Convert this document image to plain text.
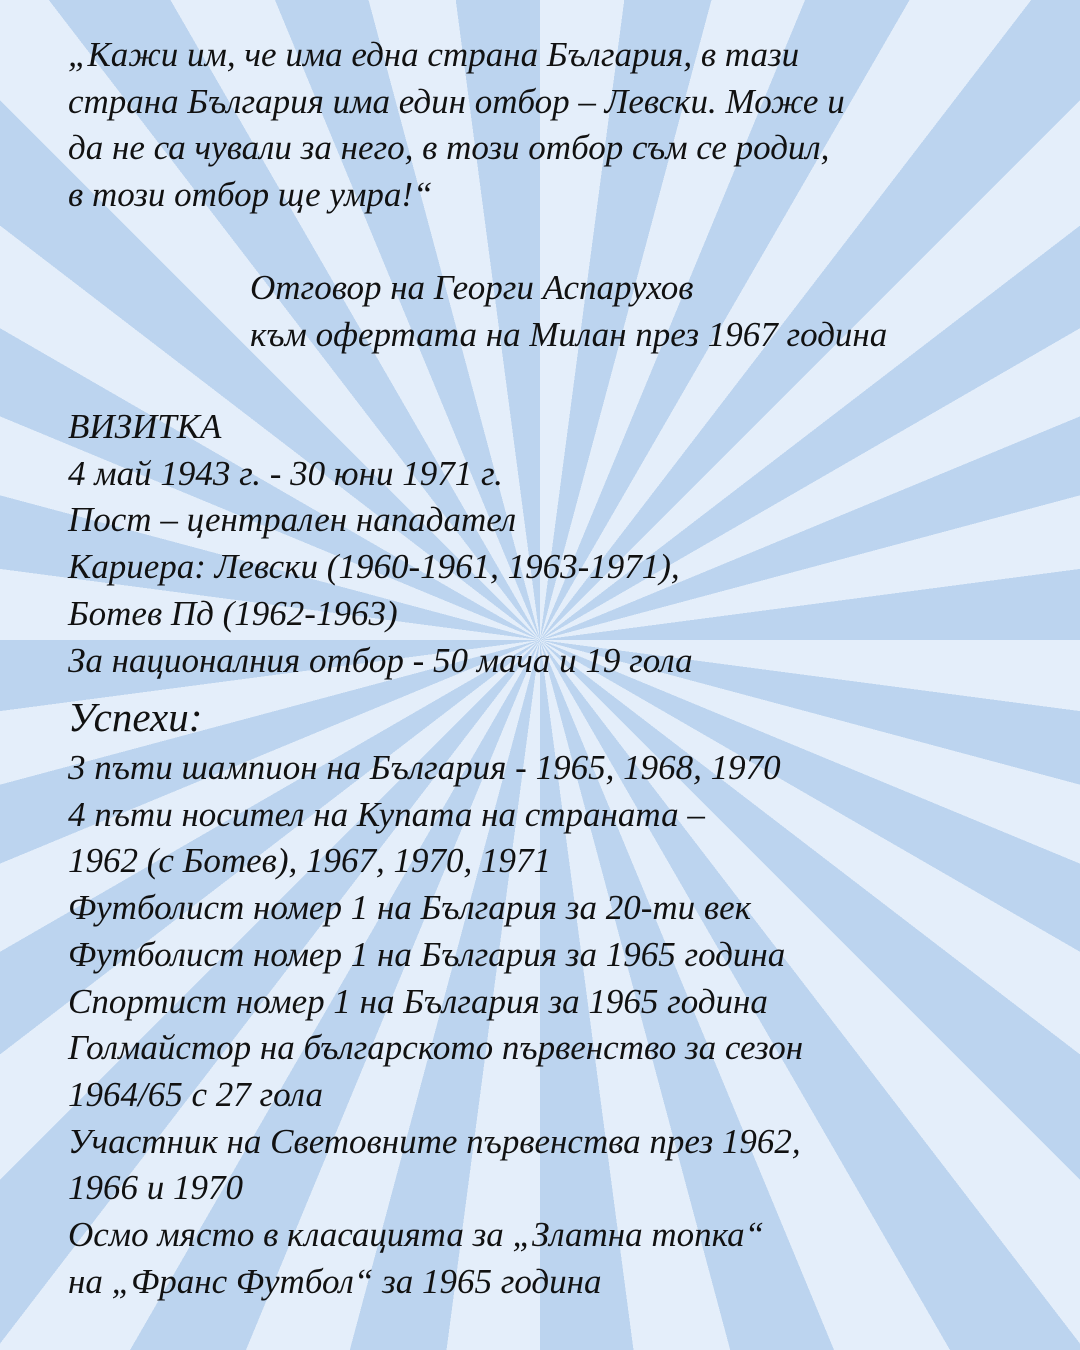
„Кажи им, че има една страна България, в тази
страна България има един отбор – Левски. Може и
да не са чували за него, в този отбор съм се родил,
в този отбор ще умра!“
Отговор на Георги Аспарухов
към офертата на Милан през 1967 година
ВИЗИТКА
4 май 1943 г. - 30 юни 1971 г.
Пост – централен нападател
Кариера: Левски (1960-1961, 1963-1971),
Ботев Пд (1962-1963)
За националния отбор - 50 мача и 19 гола
Успехи:
3 пъти шампион на България - 1965, 1968, 1970
4 пъти носител на Купата на страната –
1962 (с Ботев), 1967, 1970, 1971
Футболист номер 1 на България за 20-ти век
Футболист номер 1 на България за 1965 година
Спортист номер 1 на България за 1965 година
Голмайстор на българското първенство за сезон
1964/65 с 27 гола
Участник на Световните първенства през 1962,
1966 и 1970
Осмо място в класацията за „Златна топка“
на „Франс Футбол“ за 1965 година
